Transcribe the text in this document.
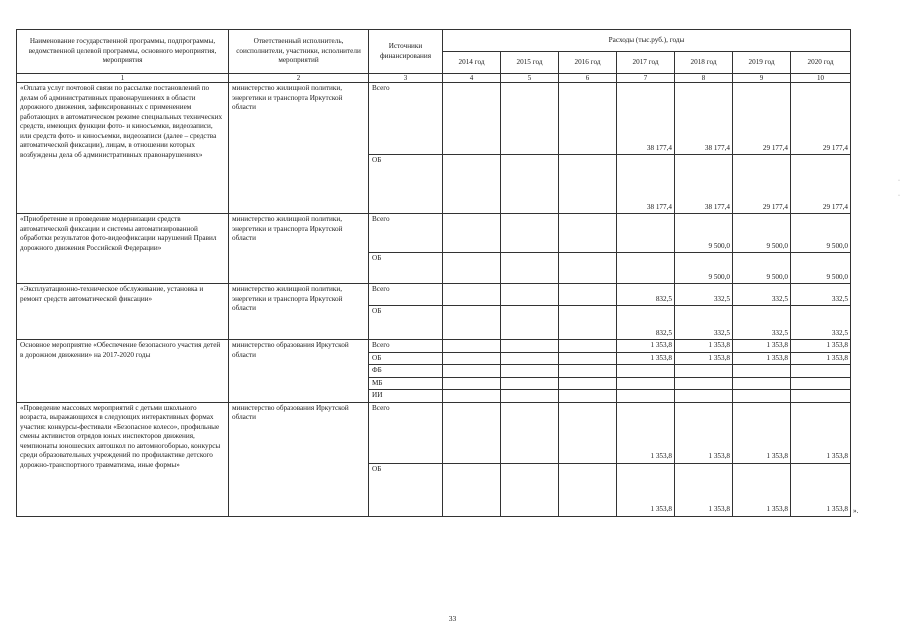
Наименование государственной программы, подпрограммы, ведомственной целевой программы, основного мероприятия, мероприятия	Ответственный исполнитель, соисполнители, участники, исполнители мероприятий	Источники финансирования	Расходы (тыс.руб.), годы						
			2014 год	2015 год	2016 год	2017 год	2018 год	2019 год	2020 год
1	2	3	4	5	6	7	8	9	10
«Оплата услуг почтовой связи по рассылке постановлений по делам об административных правонарушениях в области дорожного движения, зафиксированных с применением работающих в автоматическом режиме специальных технических средств, имеющих функции фото- и киносъемки, видеозаписи, или средств фото- и киносъемки, видеозаписи (далее – средства автоматической фиксации), лицам, в отношении которых возбуждены дела об административных правонарушениях»	министерство жилищной политики, энергетики и транспорта Иркутской области	Всего				38 177,4	38 177,4	29 177,4	29 177,4
		ОБ				38 177,4	38 177,4	29 177,4	29 177,4
«Приобретение и проведение модернизации средств автоматической фиксации и системы автоматизированной обработки результатов фото-видеофиксации нарушений Правил дорожного движения Российской Федерации»	министерство жилищной политики, энергетики и транспорта Иркутской области	Всего					9 500,0	9 500,0	9 500,0
		ОБ					9 500,0	9 500,0	9 500,0
«Эксплуатационно-техническое обслуживание, установка и ремонт средств автоматической фиксации»	министерство жилищной политики, энергетики и транспорта Иркутской области	Всего				832,5	332,5	332,5	332,5
		ОБ				832,5	332,5	332,5	332,5
Основное мероприятие «Обеспечение безопасного участия детей в дорожном движении» на 2017-2020 годы	министерство образования Иркутской области	Всего				1 353,8	1 353,8	1 353,8	1 353,8
		ОБ				1 353,8	1 353,8	1 353,8	1 353,8
		ФБ							
		МБ							
		ИИ							
«Проведение массовых мероприятий с детьми школьного возраста, выражающихся в следующих интерактивных формах участия: конкурсы-фестивали «Безопасное колесо», профильные смены активистов отрядов юных инспекторов движения, чемпионаты юношеских автошкол по автомногоборью, конкурсы среди образовательных учреждений по профилактике детского дорожно-транспортного травматизма, иные формы»	министерство образования Иркутской области	Всего				1 353,8	1 353,8	1 353,8	1 353,8
		ОБ				1 353,8	1 353,8	1 353,8	1 353,8
33
·
·
».
